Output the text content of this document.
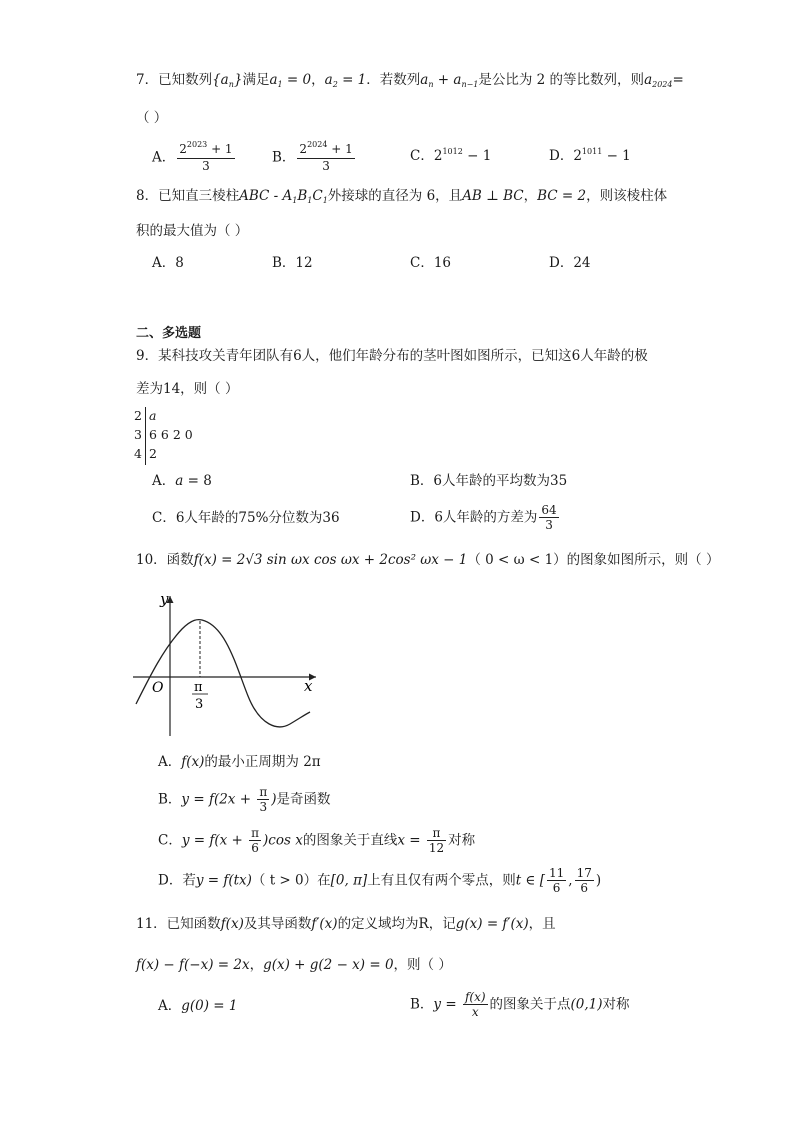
7．已知数列$\{a_n\}$满足$a_1 = 0$，$a_2 = 1$．若数列$a_n + a_{n-1}$是公比为 2 的等比数列，则$a_{2024}=$
（ ）
A． $\frac{2^{2023} + 1}{3}$	B． $\frac{2^{2024} + 1}{3}$	C．$2^{1012} - 1$	D．$2^{1011} - 1$
8．已知直三棱柱ABC - $A_1B_1C_1$外接球的直径为 6，且AB ⊥ BC，BC = 2，则该棱柱体
积的最大值为（ ）
A．8	B．12	C．16	D．24
二、多选题
9．某科技攻关青年团队有6人，他们年龄分布的茎叶图如图所示，已知这6人年龄的极
差为14，则（ ）
2 a
3 6 6 2 0
4 2
A．a = 8	B．6人年龄的平均数为35
C．6人年龄的75%分位数为36	D．6人年龄的方差为 $\frac{64}{3}$
10．函数f(x) = 2√3 sin ωx cos ωx + 2cos² ωx − 1（ 0 < ω < 1）的图象如图所示，则（ ）
y
x
O π
3
A．f(x)的最小正周期为 2π
B．$y = f(2x + \frac{\pi}{3}$ )是奇函数
C．$y = f(x + \frac{\pi}{6} )\cos$ x的图象关于直线$x = \frac{\pi}{12}$ 对称
D．若y = f(tx)（ t > 0）在[0, π]上有且仅有两个零点，则t ∈ [ $\frac{11}{6}$ , $\frac{17}{6}$ )
11．已知函数f(x)及其导函数f′(x)的定义域均为R，记g(x) = f′(x)，且
f(x) − f(−x) = 2x，g(x) + g(2 − x) = 0，则（ ）
A．g(0) = 1	B．$y = \frac{f(x)}{x}$ 的图象关于点(0,1)对称
